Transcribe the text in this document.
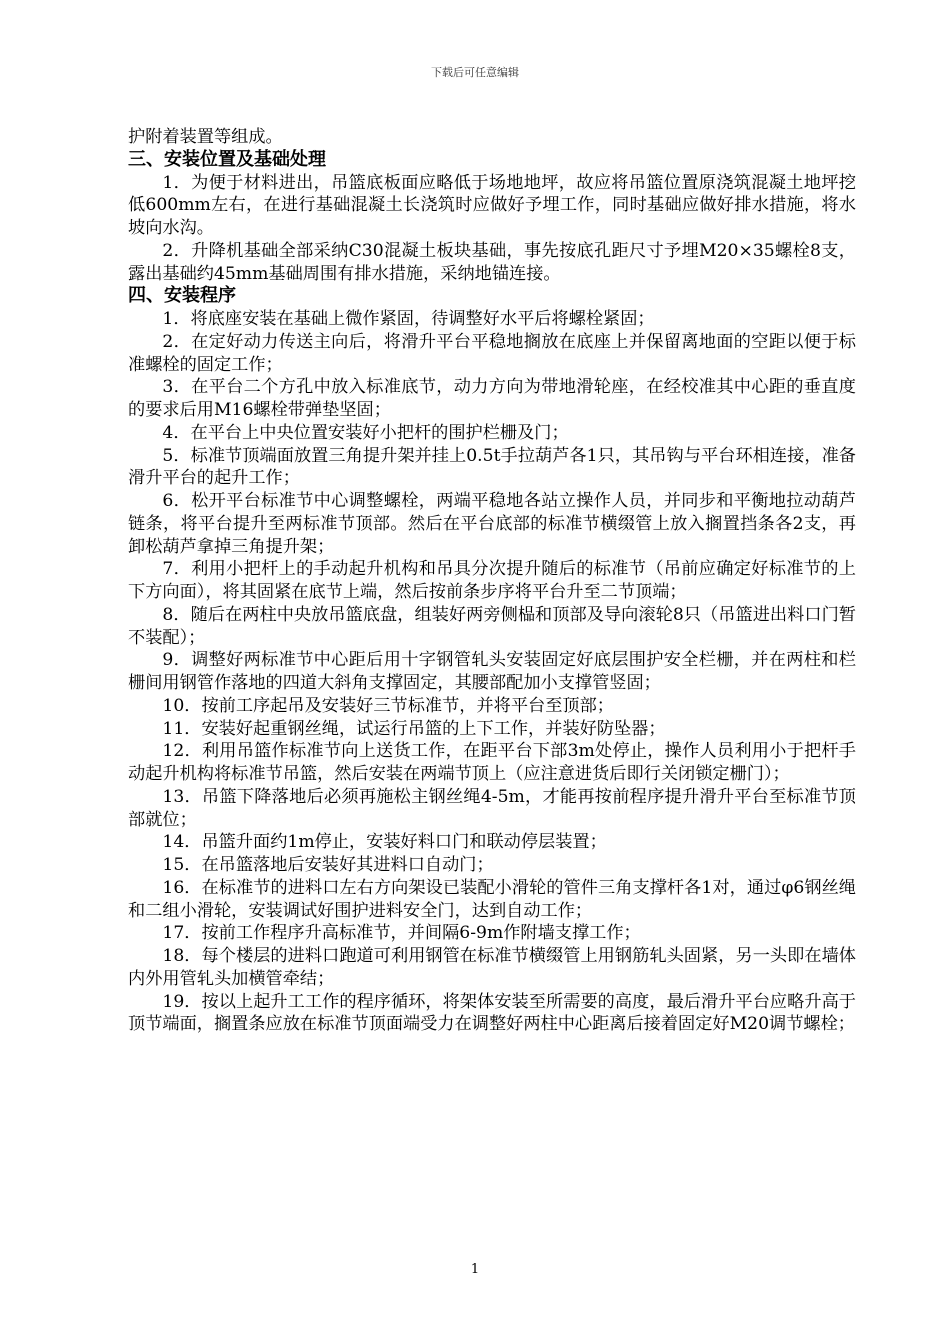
下载后可任意编辑

护附着装置等组成。

三、安装位置及基础处理

1．为便于材料进出，吊篮底板面应略低于场地地坪，故应将吊篮位置原浇筑混凝土地坪挖低600mm左右，在进行基础混凝土长浇筑时应做好予埋工作，同时基础应做好排水措施，将水坡向水沟。

2．升降机基础全部采纳C30混凝土板块基础，事先按底孔距尺寸予埋M20×35螺栓8支，露出基础约45mm基础周围有排水措施，采纳地锚连接。

四、安装程序

1．将底座安装在基础上微作紧固，待调整好水平后将螺栓紧固；

2．在定好动力传送主向后，将滑升平台平稳地搁放在底座上并保留离地面的空距以便于标准螺栓的固定工作；

3．在平台二个方孔中放入标准底节，动力方向为带地滑轮座，在经校准其中心距的垂直度的要求后用M16螺栓带弹垫坚固；

4．在平台上中央位置安装好小把杆的围护栏栅及门；

5．标准节顶端面放置三角提升架并挂上0.5t手拉葫芦各1只，其吊钩与平台环相连接，准备滑升平台的起升工作；

6．松开平台标准节中心调整螺栓，两端平稳地各站立操作人员，并同步和平衡地拉动葫芦链条，将平台提升至两标准节顶部。然后在平台底部的标准节横缀管上放入搁置挡条各2支，再卸松葫芦拿掉三角提升架；

7．利用小把杆上的手动起升机构和吊具分次提升随后的标准节（吊前应确定好标准节的上下方向面），将其固紧在底节上端，然后按前条步序将平台升至二节顶端；

8．随后在两柱中央放吊篮底盘，组装好两旁侧榀和顶部及导向滚轮8只（吊篮进出料口门暂不装配）；

9．调整好两标准节中心距后用十字钢管轧头安装固定好底层围护安全栏栅，并在两柱和栏栅间用钢管作落地的四道大斜角支撑固定，其腰部配加小支撑管竖固；

10．按前工序起吊及安装好三节标准节，并将平台至顶部；

11．安装好起重钢丝绳，试运行吊篮的上下工作，并装好防坠器；

12．利用吊篮作标准节向上送货工作，在距平台下部3m处停止，操作人员利用小于把杆手动起升机构将标准节吊篮，然后安装在两端节顶上（应注意进货后即行关闭锁定栅门）；

13．吊篮下降落地后必须再施松主钢丝绳4-5m，才能再按前程序提升滑升平台至标准节顶部就位；

14．吊篮升面约1m停止，安装好料口门和联动停层装置；

15．在吊篮落地后安装好其进料口自动门；

16．在标准节的进料口左右方向架设已装配小滑轮的管件三角支撑杆各1对，通过φ6钢丝绳和二组小滑轮，安装调试好围护进料安全门，达到自动工作；

17．按前工作程序升高标准节，并间隔6-9m作附墙支撑工作；

18．每个楼层的进料口跑道可利用钢管在标准节横缀管上用钢筋轧头固紧，另一头即在墙体内外用管轧头加横管牵结；

19．按以上起升工工作的程序循环，将架体安装至所需要的高度，最后滑升平台应略升高于顶节端面，搁置条应放在标准节顶面端受力在调整好两柱中心距离后接着固定好M20调节螺栓；

1
